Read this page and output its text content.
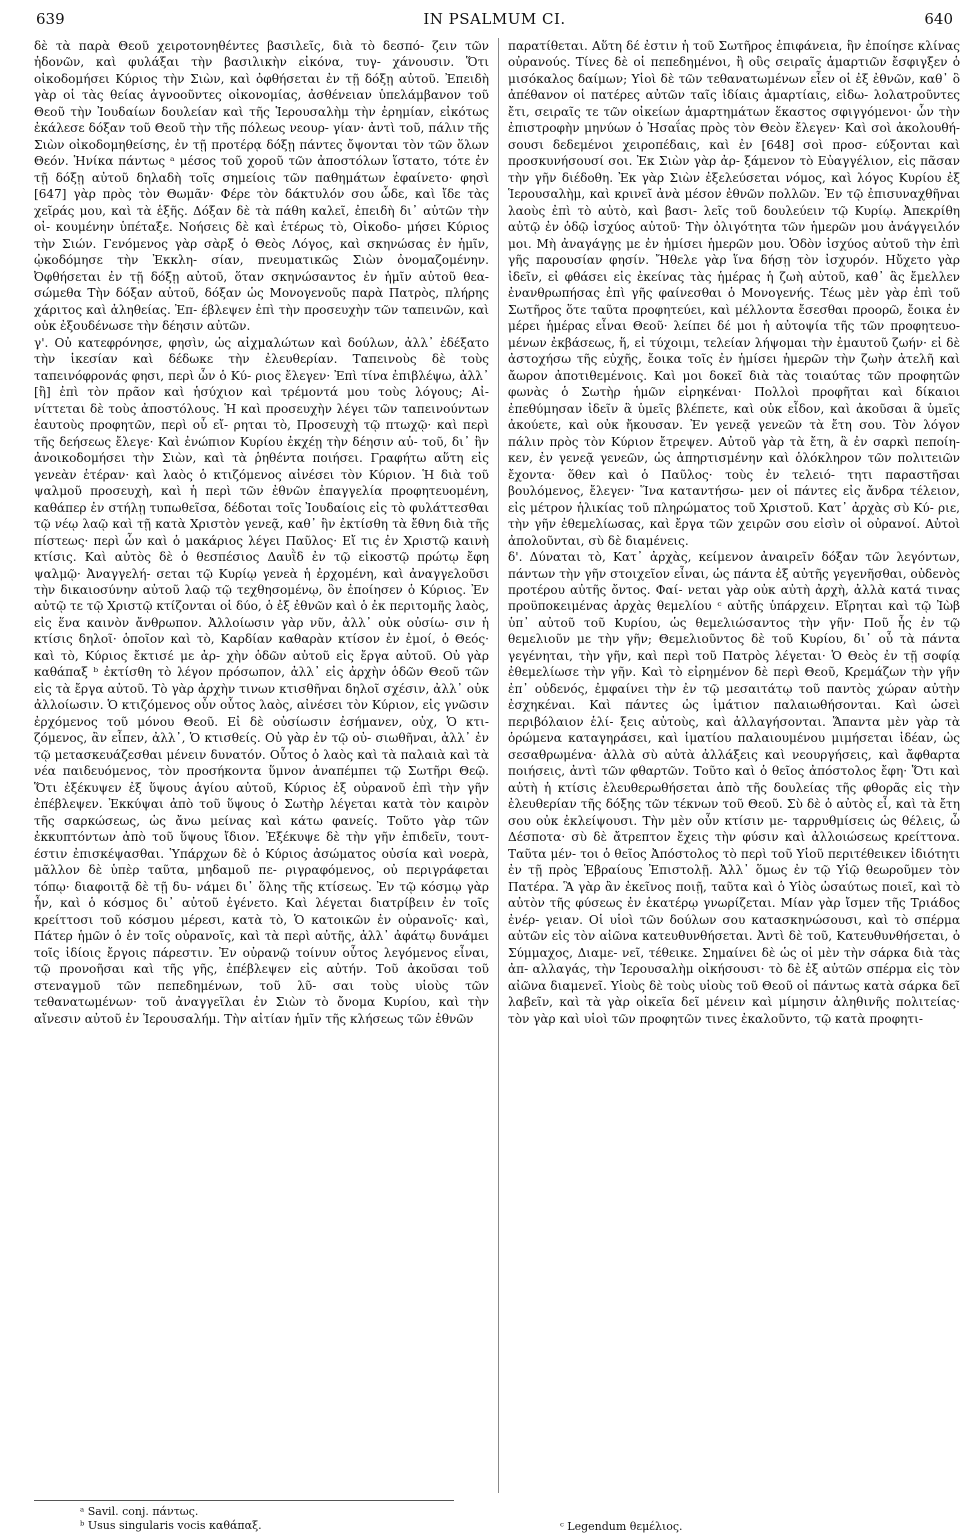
639	IN PSALMUM CI.	640

δὲ τὰ παρὰ Θεοῦ χειροτονηθέντες βασιλεῖς, διὰ τὸ δεσπό- ζειν τῶν ἡδονῶν, καὶ φυλάξαι τὴν βασιλικὴν εἰκόνα, τυγ- χάνουσιν. Ὅτι οἰκοδομήσει Κύριος τὴν Σιὼν, καὶ ὀφθήσεται ἐν τῇ δόξῃ αὐτοῦ. Ἐπειδὴ γὰρ οἱ τὰς θείας ἀγνοοῦντες οἰκονομίας, ἀσθένειαν ὑπελάμβανον τοῦ Θεοῦ τὴν Ἰουδαίων δουλείαν καὶ τῆς Ἱερουσαλὴμ τὴν ἐρημίαν, εἰκότως ἐκάλεσε δόξαν τοῦ Θεοῦ τὴν τῆς πόλεως νεουρ- γίαν· ἀντὶ τοῦ, πάλιν τῆς Σιὼν οἰκοδομηθείσης, ἐν τῇ προτέρᾳ δόξῃ πάντες ὄψονται τὸν τῶν ὅλων Θεόν. Ἡνίκα πάντως ᵃ μέσος τοῦ χοροῦ τῶν ἀποστόλων ἵστατο, τότε ἐν τῇ δόξῃ αὐτοῦ δηλαδὴ τοῖς σημείοις τῶν παθημάτων ἐφαίνετο· φησὶ [647] γὰρ πρὸς τὸν Θωμᾶν· Φέρε τὸν δάκτυλόν σου ὧδε, καὶ ἴδε τὰς χεῖράς μου, καὶ τὰ ἑξῆς. Δόξαν δὲ τὰ πάθη καλεῖ, ἐπειδὴ δι᾿ αὐτῶν τὴν οἰ- κουμένην ὑπέταξε. Νοήσεις δὲ καὶ ἑτέρως τὸ, Οἰκοδο- μήσει Κύριος τὴν Σιών. Γενόμενος γὰρ σὰρξ ὁ Θεὸς Λόγος, καὶ σκηνώσας ἐν ἡμῖν, ᾠκοδόμησε τὴν Ἐκκλη- σίαν, πνευματικῶς Σιὼν ὀνομαζομένην. Ὀφθήσεται ἐν τῇ δόξῃ αὐτοῦ, ὅταν σκηνώσαντος ἐν ἡμῖν αὐτοῦ θεα- σώμεθα Τὴν δόξαν αὐτοῦ, δόξαν ὡς Μονογενοῦς παρὰ Πατρὸς, πλήρης χάριτος καὶ ἀληθείας. Ἐπ- έβλεψεν ἐπὶ τὴν προσευχὴν τῶν ταπεινῶν, καὶ οὐκ ἐξουδένωσε τὴν δέησιν αὐτῶν.

γ'. Οὐ κατεφρόνησε, φησὶν, ὡς αἰχμαλώτων καὶ δούλων, ἀλλ᾿ ἐδέξατο τὴν ἱκεσίαν καὶ δέδωκε τὴν ἐλευθερίαν. Ταπεινοὺς δὲ τοὺς ταπεινόφρονάς φησι, περὶ ὧν ὁ Κύ- ριος ἔλεγεν· Ἐπὶ τίνα ἐπιβλέψω, ἀλλ᾿ [ἢ] ἐπὶ τὸν πρᾶον καὶ ἡσύχιον καὶ τρέμοντά μου τοὺς λόγους; Αἰ- νίττεται δὲ τοὺς ἀποστόλους. Ἡ καὶ προσευχὴν λέγει τῶν ταπεινούντων ἑαυτοὺς προφητῶν, περὶ οὗ εἴ- ρηται τὸ, Προσευχὴ τῷ πτωχῷ· καὶ περὶ τῆς δεήσεως ἔλεγε· Καὶ ἐνώπιον Κυρίου ἐκχέῃ τὴν δέησιν αὐ- τοῦ, δι᾿ ἣν ἀνοικοδομήσει τὴν Σιὼν, καὶ τὰ ῥηθέντα ποιήσει. Γραφήτω αὕτη εἰς γενεὰν ἑτέραν· καὶ λαὸς ὁ κτιζόμενος αἰνέσει τὸν Κύριον. Ἡ διὰ τοῦ ψαλμοῦ προσευχὴ, καὶ ἡ περὶ τῶν ἐθνῶν ἐπαγγελία προφητευομένη, καθάπερ ἐν στήλῃ τυπωθεῖσα, δέδοται τοῖς Ἰουδαίοις εἰς τὸ φυλάττεσθαι τῷ νέῳ λαῷ καὶ τῇ κατὰ Χριστὸν γενεᾷ, καθ᾿ ἣν ἐκτίσθη τὰ ἔθνη διὰ τῆς πίστεως· περὶ ὧν καὶ ὁ μακάριος λέγει Παῦλος· Εἴ τις ἐν Χριστῷ καινὴ κτίσις. Καὶ αὐτὸς δὲ ὁ θεσπέσιος Δαυῒδ ἐν τῷ εἰκοστῷ πρώτῳ ἔφη ψαλμῷ· Ἀναγγελή- σεται τῷ Κυρίῳ γενεὰ ἡ ἐρχομένη, καὶ ἀναγγελοῦσι τὴν δικαιοσύνην αὐτοῦ λαῷ τῷ τεχθησομένῳ, ὃν ἐποίησεν ὁ Κύριος. Ἐν αὐτῷ τε τῷ Χριστῷ κτίζονται οἱ δύο, ὁ ἐξ ἐθνῶν καὶ ὁ ἐκ περιτομῆς λαὸς, εἰς ἕνα καινὸν ἄνθρωπον. Ἀλλοίωσιν γὰρ νῦν, ἀλλ᾿ οὐκ οὐσίω- σιν ἡ κτίσις δηλοῖ· ὁποῖον καὶ τὸ, Καρδίαν καθαρὰν κτίσον ἐν ἐμοί, ὁ Θεός· καὶ τὸ, Κύριος ἔκτισέ με ἀρ- χὴν ὁδῶν αὐτοῦ εἰς ἔργα αὐτοῦ. Οὐ γὰρ καθάπαξ ᵇ ἐκτίσθη τὸ λέγον πρόσωπον, ἀλλ᾿ εἰς ἀρχὴν ὁδῶν Θεοῦ τῶν εἰς τὰ ἔργα αὐτοῦ. Τὸ γὰρ ἀρχὴν τινων κτισθῆναι δηλοῖ σχέσιν, ἀλλ᾿ οὐκ ἀλλοίωσιν. Ὁ κτιζόμενος οὖν οὗτος λαὸς, αἰνέσει τὸν Κύριον, εἰς γνῶσιν ἐρχόμενος τοῦ μόνου Θεοῦ. Εἰ δὲ οὐσίωσιν ἐσήμανεν, οὐχ, Ὁ κτι- ζόμενος, ἂν εἶπεν, ἀλλ᾿, Ὁ κτισθείς. Οὐ γὰρ ἐν τῷ οὐ- σιωθῆναι, ἀλλ᾿ ἐν τῷ μετασκευάζεσθαι μένειν δυνατόν. Οὗτος ὁ λαὸς καὶ τὰ παλαιὰ καὶ τὰ νέα παιδευόμενος, τὸν προσήκοντα ὕμνον ἀναπέμπει τῷ Σωτῆρι Θεῷ. Ὅτι ἐξέκυψεν ἐξ ὕψους ἁγίου αὐτοῦ, Κύριος ἐξ οὐρανοῦ ἐπὶ τὴν γῆν ἐπέβλεψεν. Ἐκκύψαι ἀπὸ τοῦ ὕψους ὁ Σωτὴρ λέγεται κατὰ τὸν καιρὸν τῆς σαρκώσεως, ὡς ἄνω μείνας καὶ κάτω φανείς. Τοῦτο γὰρ τῶν ἐκκυπτόντων ἀπὸ τοῦ ὕψους ἴδιον. Ἐξέκυψε δὲ τὴν γῆν ἐπιδεῖν, τουτ- έστιν ἐπισκέψασθαι. Ὑπάρχων δὲ ὁ Κύριος ἀσώματος οὐσία καὶ νοερὰ, μᾶλλον δὲ ὑπὲρ ταῦτα, μηδαμοῦ πε- ριγραφόμενος, οὐ περιγράφεται τόπῳ· διαφοιτᾷ δὲ τῇ δυ- νάμει δι᾿ ὅλης τῆς κτίσεως. Ἐν τῷ κόσμῳ γὰρ ἦν, καὶ ὁ κόσμος δι᾿ αὐτοῦ ἐγένετο. Καὶ λέγεται διατρίβειν ἐν τοῖς κρείττοσι τοῦ κόσμου μέρεσι, κατὰ τὸ, Ὁ κατοικῶν ἐν οὐρανοῖς· καὶ, Πάτερ ἡμῶν ὁ ἐν τοῖς οὐρανοῖς, καὶ τὰ περὶ αὐτῆς, ἀλλ᾿ ἀφάτῳ δυνάμει τοῖς ἰδίοις ἔργοις πάρεστιν. Ἐν οὐρανῷ τοίνυν οὗτος λεγόμενος εἶναι, τῷ προνοῆσαι καὶ τῆς γῆς, ἐπέβλεψεν εἰς αὐτήν. Τοῦ ἀκοῦσαι τοῦ στεναγμοῦ τῶν πεπεδημένων, τοῦ λῦ- σαι τοὺς υἱοὺς τῶν τεθανατωμένων· τοῦ ἀναγγεῖλαι ἐν Σιὼν τὸ ὄνομα Κυρίου, καὶ τὴν αἴνεσιν αὐτοῦ ἐν Ἱερουσαλήμ. Τὴν αἰτίαν ἡμῖν τῆς κλήσεως τῶν ἐθνῶν

παρατίθεται. Αὕτη δέ ἐστιν ἡ τοῦ Σωτῆρος ἐπιφάνεια, ἣν ἐποίησε κλίνας οὐρανούς. Τίνες δὲ οἱ πεπεδημένοι, ἢ οὓς σειραῖς ἁμαρτιῶν ἔσφιγξεν ὁ μισόκαλος δαίμων; Υἱοὶ δὲ τῶν τεθανατωμένων εἶεν οἱ ἐξ ἐθνῶν, καθ᾿ ὃ ἀπέθανον οἱ πατέρες αὐτῶν ταῖς ἰδίαις ἁμαρτίαις, εἰδω- λολατροῦντες ἔτι, σειραῖς τε τῶν οἰκείων ἁμαρτημάτων ἕκαστος σφιγγόμενοι· ὧν τὴν ἐπιστροφὴν μηνύων ὁ Ἡσαΐας πρὸς τὸν Θεὸν ἔλεγεν· Καὶ σοὶ ἀκολουθή- σουσι δεδεμένοι χειροπέδαις, καὶ ἐν [648] σοὶ προσ- εύξονται καὶ προσκυνήσουσί σοι. Ἐκ Σιὼν γὰρ ἀρ- ξάμενον τὸ Εὐαγγέλιον, εἰς πᾶσαν τὴν γῆν διέδοθη. Ἐκ γὰρ Σιὼν ἐξελεύσεται νόμος, καὶ λόγος Κυρίου ἐξ Ἱερουσαλὴμ, καὶ κρινεῖ ἀνὰ μέσον ἐθνῶν πολλῶν. Ἐν τῷ ἐπισυναχθῆναι λαοὺς ἐπὶ τὸ αὐτὸ, καὶ βασι- λεῖς τοῦ δουλεύειν τῷ Κυρίῳ. Ἀπεκρίθη αὐτῷ ἐν ὁδῷ ἰσχύος αὐτοῦ· Τὴν ὀλιγότητα τῶν ἡμερῶν μου ἀνάγγειλόν μοι. Μὴ ἀναγάγῃς με ἐν ἡμίσει ἡμερῶν μου. Ὁδὸν ἰσχύος αὐτοῦ τὴν ἐπὶ γῆς παρουσίαν φησίν. Ἤθελε γὰρ ἵνα δήσῃ τὸν ἰσχυρόν. Ηὔχετο γὰρ ἰδεῖν, εἰ φθάσει εἰς ἐκείνας τὰς ἡμέρας ἡ ζωὴ αὐτοῦ, καθ᾿ ἃς ἔμελλεν ἐνανθρωπήσας ἐπὶ γῆς φαίνεσθαι ὁ Μονογενής. Τέως μὲν γὰρ ἐπὶ τοῦ Σωτῆρος ὅτε ταῦτα προφητεύει, καὶ μέλλοντα ἔσεσθαι προορῶ, ἔοικα ἐν μέρει ἡμέρας εἶναι Θεοῦ· λείπει δέ μοι ἡ αὐτοψία τῆς τῶν προφητευο- μένων ἐκβάσεως, ἥ, εἰ τύχοιμι, τελείαν λήψομαι τὴν ἐμαυτοῦ ζωήν· εἰ δὲ ἀστοχήσω τῆς εὐχῆς, ἔοικα τοῖς ἐν ἡμίσει ἡμερῶν τὴν ζωὴν ἀτελῆ καὶ ἄωρον ἀποτιθεμένοις. Καὶ μοι δοκεῖ διὰ τὰς τοιαύτας τῶν προφητῶν φωνὰς ὁ Σωτὴρ ἡμῶν εἰρηκέναι· Πολλοὶ προφῆται καὶ δίκαιοι ἐπεθύμησαν ἰδεῖν ἃ ὑμεῖς βλέπετε, καὶ οὐκ εἶδον, καὶ ἀκοῦσαι ἃ ὑμεῖς ἀκούετε, καὶ οὐκ ἤκουσαν. Ἐν γενεᾷ γενεῶν τὰ ἔτη σου. Τὸν λόγον πάλιν πρὸς τὸν Κύριον ἔτρεψεν. Αὐτοῦ γὰρ τὰ ἔτη, ἃ ἐν σαρκὶ πεποίη- κεν, ἐν γενεᾷ γενεῶν, ὡς ἀπηρτισμένην καὶ ὁλόκληρον τῶν πολιτειῶν ἔχοντα· ὅθεν καὶ ὁ Παῦλος· τοὺς ἐν τελειό- τητι παραστῆσαι βουλόμενος, ἔλεγεν· Ἵνα καταντήσω- μεν οἱ πάντες εἰς ἄνδρα τέλειον, εἰς μέτρον ἡλικίας τοῦ πληρώματος τοῦ Χριστοῦ. Κατ᾿ ἀρχὰς σὺ Κύ- ριε, τὴν γῆν ἐθεμελίωσας, καὶ ἔργα τῶν χειρῶν σου εἰσὶν οἱ οὐρανοί. Αὐτοὶ ἀπολοῦνται, σὺ δὲ διαμένεις.

δ'. Δύναται τὸ, Κατ᾿ ἀρχὰς, κείμενον ἀναιρεῖν δόξαν τῶν λεγόντων, πάντων τὴν γῆν στοιχεῖον εἶναι, ὡς πάντα ἐξ αὐτῆς γεγενῆσθαι, οὐδενὸς προτέρου αὐτῆς ὄντος. Φαί- νεται γὰρ οὐκ αὐτὴ ἀρχὴ, ἀλλὰ κατά τινας προϋποκειμένας ἀρχὰς θεμελίου ᶜ αὐτῆς ὑπάρχειν. Εἴρηται καὶ τῷ Ἰὼβ ὑπ᾿ αὐτοῦ τοῦ Κυρίου, ὡς θεμελιώσαντος τὴν γῆν· Ποῦ ἦς ἐν τῷ θεμελιοῦν με τὴν γῆν; Θεμελιοῦντος δὲ τοῦ Κυρίου, δι᾿ οὗ τὰ πάντα γεγένηται, τὴν γῆν, καὶ περὶ τοῦ Πατρὸς λέγεται· Ὁ Θεὸς ἐν τῇ σοφίᾳ ἐθεμελίωσε τὴν γῆν. Καὶ τὸ εἰρημένον δὲ περὶ Θεοῦ, Κρεμάζων τὴν γῆν ἐπ᾿ οὐδενός, ἐμφαίνει τὴν ἐν τῷ μεσαιτάτῳ τοῦ παντὸς χώραν αὐτὴν ἐσχηκέναι. Καὶ πάντες ὡς ἱμάτιον παλαιωθήσονται. Καὶ ὡσεὶ περιβόλαιον ἑλί- ξεις αὐτοὺς, καὶ ἀλλαγήσονται. Ἅπαντα μὲν γὰρ τὰ ὁρώμενα καταγηράσει, καὶ ἱματίου παλαιουμένου μιμήσεται ἰδέαν, ὡς σεσαθρωμένα· ἀλλὰ σὺ αὐτὰ ἀλλάξεις καὶ νεουργήσεις, καὶ ἄφθαρτα ποιήσεις, ἀντὶ τῶν φθαρτῶν. Τοῦτο καὶ ὁ θεῖος ἀπόστολος ἔφη· Ὅτι καὶ αὐτὴ ἡ κτίσις ἐλευθερωθήσεται ἀπὸ τῆς δουλείας τῆς φθορᾶς εἰς τὴν ἐλευθερίαν τῆς δόξης τῶν τέκνων τοῦ Θεοῦ. Σὺ δὲ ὁ αὐτὸς εἶ, καὶ τὰ ἔτη σου οὐκ ἐκλείψουσι. Τὴν μὲν οὖν κτίσιν με- ταρρυθμίσεις ὡς θέλεις, ὦ Δέσποτα· σὺ δὲ ἄτρεπτον ἔχεις τὴν φύσιν καὶ ἀλλοιώσεως κρείττονα. Ταῦτα μέν- τοι ὁ θεῖος Ἀπόστολος τὸ περὶ τοῦ Υἱοῦ περιτέθεικεν ἰδιότητι ἐν τῇ πρὸς Ἑβραίους Ἐπιστολῇ. Ἀλλ᾿ ὅμως ἐν τῷ Υἱῷ θεωροῦμεν τὸν Πατέρα. Ἃ γὰρ ἂν ἐκεῖνος ποιῇ, ταῦτα καὶ ὁ Υἱὸς ὡσαύτως ποιεῖ, καὶ τὸ αὐτὸν τῆς φύσεως ἐν ἑκατέρῳ γνωρίζεται. Μίαν γὰρ ἴσμεν τῆς Τριάδος ἐνέρ- γειαν. Οἱ υἱοὶ τῶν δούλων σου κατασκηνώσουσι, καὶ τὸ σπέρμα αὐτῶν εἰς τὸν αἰῶνα κατευθυνθήσεται. Ἀντὶ δὲ τοῦ, Κατευθυνθήσεται, ὁ Σύμμαχος, Διαμε- νεῖ, τέθεικε. Σημαίνει δὲ ὡς οἱ μὲν τὴν σάρκα διὰ τὰς ἀπ- αλλαγάς, τὴν Ἱερουσαλὴμ οἰκήσουσι· τὸ δὲ ἐξ αὐτῶν σπέρμα εἰς τὸν αἰῶνα διαμενεῖ. Υἱοὺς δὲ τοὺς υἱοὺς τοῦ Θεοῦ οἱ πάντως κατὰ σάρκα δεῖ λαβεῖν, καὶ τὰ γὰρ οἰκεῖα δεῖ μένειν καὶ μίμησιν ἀληθινῆς πολιτείας· τὸν γὰρ καὶ υἱοὶ τῶν προφητῶν τινες ἐκαλοῦντο, τῷ κατὰ προφητι-

ᵃ Savil. conj. πάντως.
ᵇ Usus singularis vocis καθάπαξ.	ᶜ Legendum θεμέλιος.
